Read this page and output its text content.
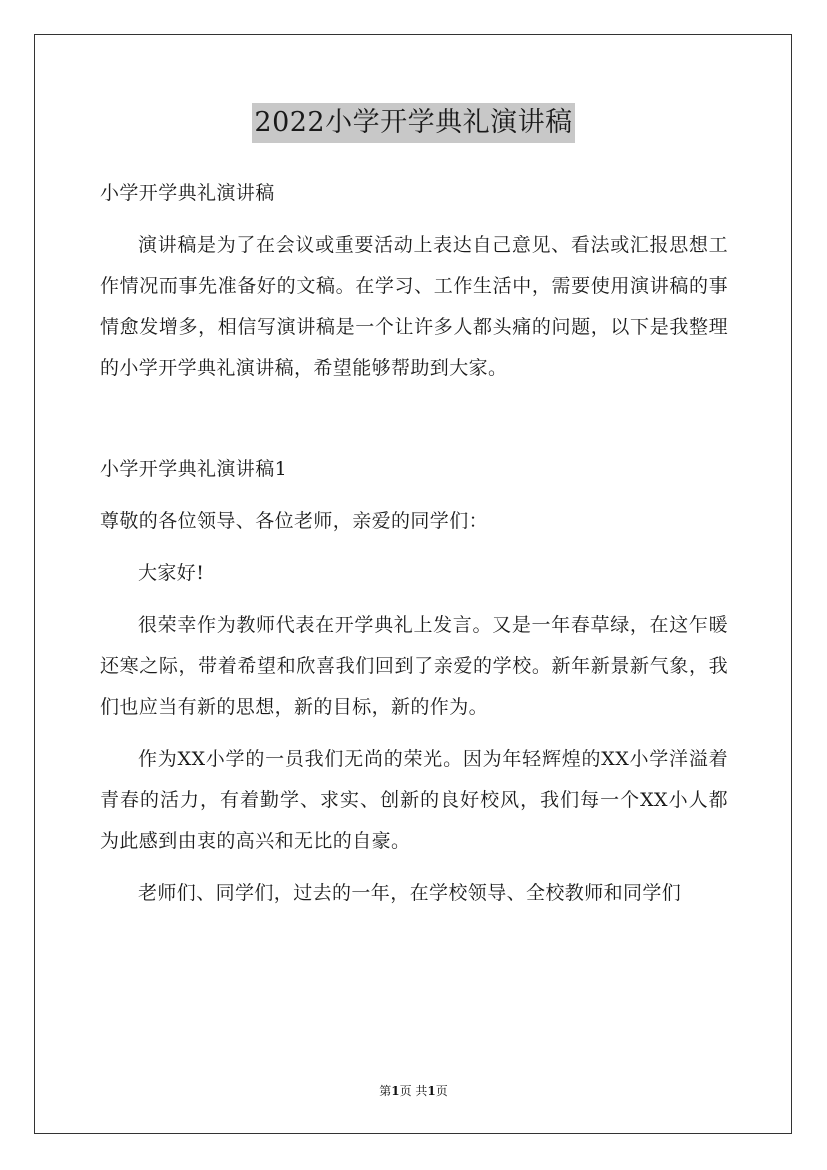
2022小学开学典礼演讲稿

小学开学典礼演讲稿

演讲稿是为了在会议或重要活动上表达自己意见、看法或汇报思想工作情况而事先准备好的文稿。在学习、工作生活中，需要使用演讲稿的事情愈发增多，相信写演讲稿是一个让许多人都头痛的问题，以下是我整理的小学开学典礼演讲稿，希望能够帮助到大家。

小学开学典礼演讲稿1

尊敬的各位领导、各位老师，亲爱的同学们：

大家好!

很荣幸作为教师代表在开学典礼上发言。又是一年春草绿，在这乍暖还寒之际，带着希望和欣喜我们回到了亲爱的学校。新年新景新气象，我们也应当有新的思想，新的目标，新的作为。

作为XX小学的一员我们无尚的荣光。因为年轻辉煌的XX小学洋溢着青春的活力，有着勤学、求实、创新的良好校风，我们每一个XX小人都为此感到由衷的高兴和无比的自豪。

老师们、同学们，过去的一年，在学校领导、全校教师和同学们

第1页 共1页
